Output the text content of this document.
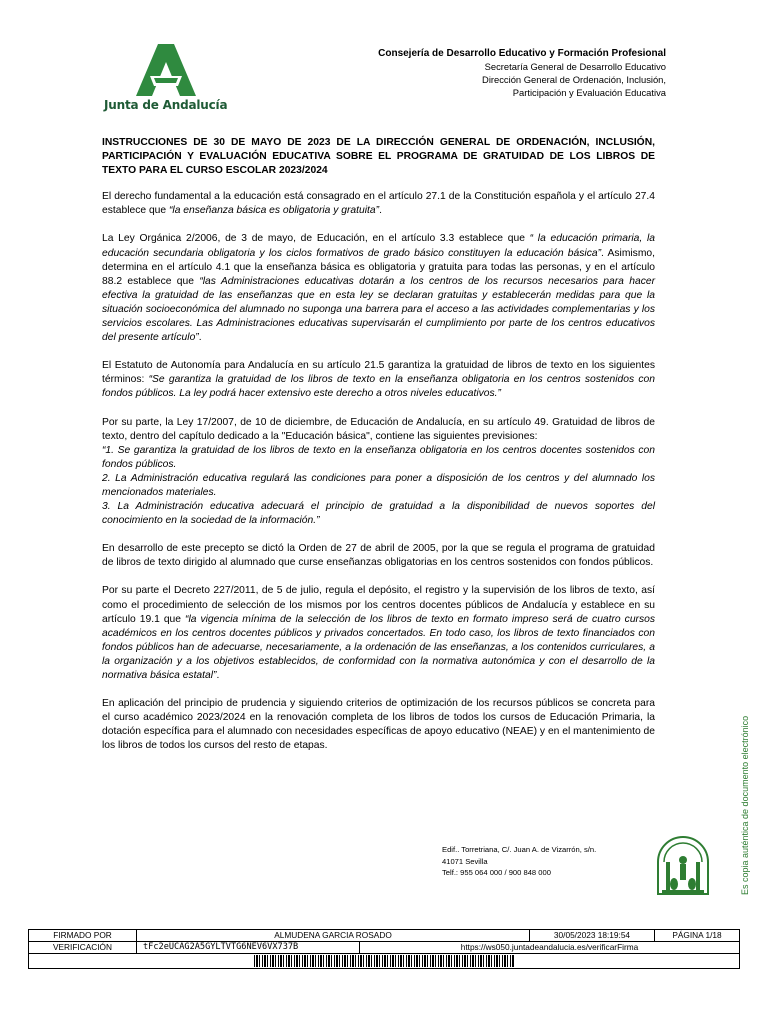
Junta de Andalucía
Consejería de Desarrollo Educativo y Formación Profesional
Secretaría General de Desarrollo Educativo
Dirección General de Ordenación, Inclusión,
Participación y Evaluación Educativa
INSTRUCCIONES DE 30 DE MAYO DE 2023 DE LA DIRECCIÓN GENERAL DE ORDENACIÓN, INCLUSIÓN, PARTICIPACIÓN Y EVALUACIÓN EDUCATIVA SOBRE EL PROGRAMA DE GRATUIDAD DE LOS LIBROS DE TEXTO PARA EL CURSO ESCOLAR 2023/2024

El derecho fundamental a la educación está consagrado en el artículo 27.1 de la Constitución española y el artículo 27.4 establece que “la enseñanza básica es obligatoria y gratuita”.

La Ley Orgánica 2/2006, de 3 de mayo, de Educación, en el artículo 3.3 establece que “ la educación primaria, la educación secundaria obligatoria y los ciclos formativos de grado básico constituyen la educación básica”. Asimismo, determina en el artículo 4.1 que la enseñanza básica es obligatoria y gratuita para todas las personas, y en el artículo 88.2 establece que “las Administraciones educativas dotarán a los centros de los recursos necesarios para hacer efectiva la gratuidad de las enseñanzas que en esta ley se declaran gratuitas y establecerán medidas para que la situación socioeconómica del alumnado no suponga una barrera para el acceso a las actividades complementarias y los servicios escolares. Las Administraciones educativas supervisarán el cumplimiento por parte de los centros educativos del presente artículo”.

El Estatuto de Autonomía para Andalucía en su artículo 21.5 garantiza la gratuidad de libros de texto en los siguientes términos: “Se garantiza la gratuidad de los libros de texto en la enseñanza obligatoria en los centros sostenidos con fondos públicos. La ley podrá hacer extensivo este derecho a otros niveles educativos.”

Por su parte, la Ley 17/2007, de 10 de diciembre, de Educación de Andalucía, en su artículo 49. Gratuidad de libros de texto, dentro del capítulo dedicado a la "Educación básica", contiene las siguientes previsiones:
“1. Se garantiza la gratuidad de los libros de texto en la enseñanza obligatoria en los centros docentes sostenidos con fondos públicos.
2. La Administración educativa regulará las condiciones para poner a disposición de los centros y del alumnado los mencionados materiales.
3. La Administración educativa adecuará el principio de gratuidad a la disponibilidad de nuevos soportes del conocimiento en la sociedad de la información.”

En desarrollo de este precepto se dictó la Orden de 27 de abril de 2005, por la que se regula el programa de gratuidad de libros de texto dirigido al alumnado que curse enseñanzas obligatorias en los centros sostenidos con fondos públicos.

Por su parte el Decreto 227/2011, de 5 de julio, regula el depósito, el registro y la supervisión de los libros de texto, así como el procedimiento de selección de los mismos por los centros docentes públicos de Andalucía y establece en su artículo 19.1 que “la vigencia mínima de la selección de los libros de texto en formato impreso será de cuatro cursos académicos en los centros docentes públicos y privados concertados. En todo caso, los libros de texto financiados con fondos públicos han de adecuarse, necesariamente, a la ordenación de las enseñanzas, a los contenidos curriculares, a la organización y a los objetivos establecidos, de conformidad con la normativa autonómica y con el desarrollo de la normativa básica estatal”.

En aplicación del principio de prudencia y siguiendo criterios de optimización de los recursos públicos se concreta para el curso académico 2023/2024 en la renovación completa de los libros de todos los cursos de Educación Primaria, la dotación específica para el alumnado con necesidades específicas de apoyo educativo (NEAE) y en el mantenimiento de los libros de todos los cursos del resto de etapas.

Edif.. Torretriana, C/. Juan A. de Vizarrón, s/n.
41071 Sevilla
Telf.: 955 064 000 / 900 848 000	Es copia auténtica de documento electrónico
FIRMADO POR	ALMUDENA GARCIA ROSADO		30/05/2023 18:19:54	PÁGINA 1/18
VERIFICACIÓN	tFc2eUCAG2A5GYLTVTG6NEV6VX737B	https://ws050.juntadeandalucia.es/verificarFirma		
